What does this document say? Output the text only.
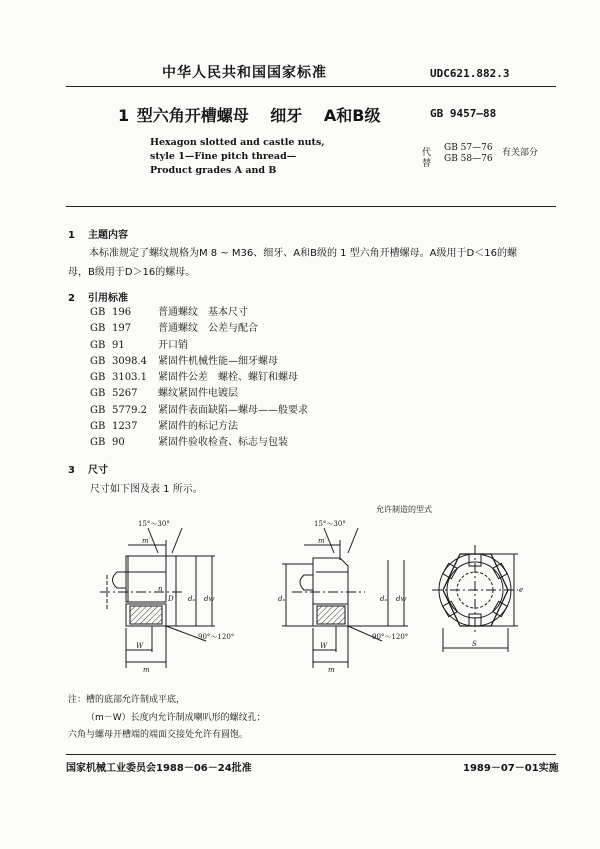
中华人民共和国国家标准	UDC621.882.3
1 型六角开槽螺母 细牙 A和B级	GB 9457—88
Hexagon slotted and castle nuts,
style 1—Fine pitch thread—
Product grades A and B
代替
GB 57—76
GB 58—76
有关部分
1 主题内容
本标准规定了螺纹规格为M 8 ~ M36、细牙、A和B级的 1 型六角开槽螺母。A级用于D＜16的螺
母，B级用于D＞16的螺母。
2 引用标准
GB 196	普通螺纹　基本尺寸
GB 197	普通螺纹　公差与配合
GB 91	开口销
GB 3098.4 紧固件机械性能—细牙螺母
GB 3103.1 紧固件公差　螺栓、螺钉和螺母
GB 5267 螺纹紧固件电镀层
GB 5779.2 紧固件表面缺陷—螺母——般要求
GB 1237 紧固件的标记方法
GB 90	紧固件验收检查、标志与包装
3 尺寸
尺寸如下图及表 1 所示。
允许制造的型式
15°～30°
m′
D dₐ dw
n
90°～120°
W
m
15°～30°
m′
dₐ	dₐ dw
90°～120°
W
m
e
S
注：槽的底部允许制成平底，
（m－W）长度内允许制成喇叭形的螺纹孔；
六角与螺母开槽端的端面交接处允许有圆饱。
国家机械工业委员会1988－06－24批准	1989－07－01实施
